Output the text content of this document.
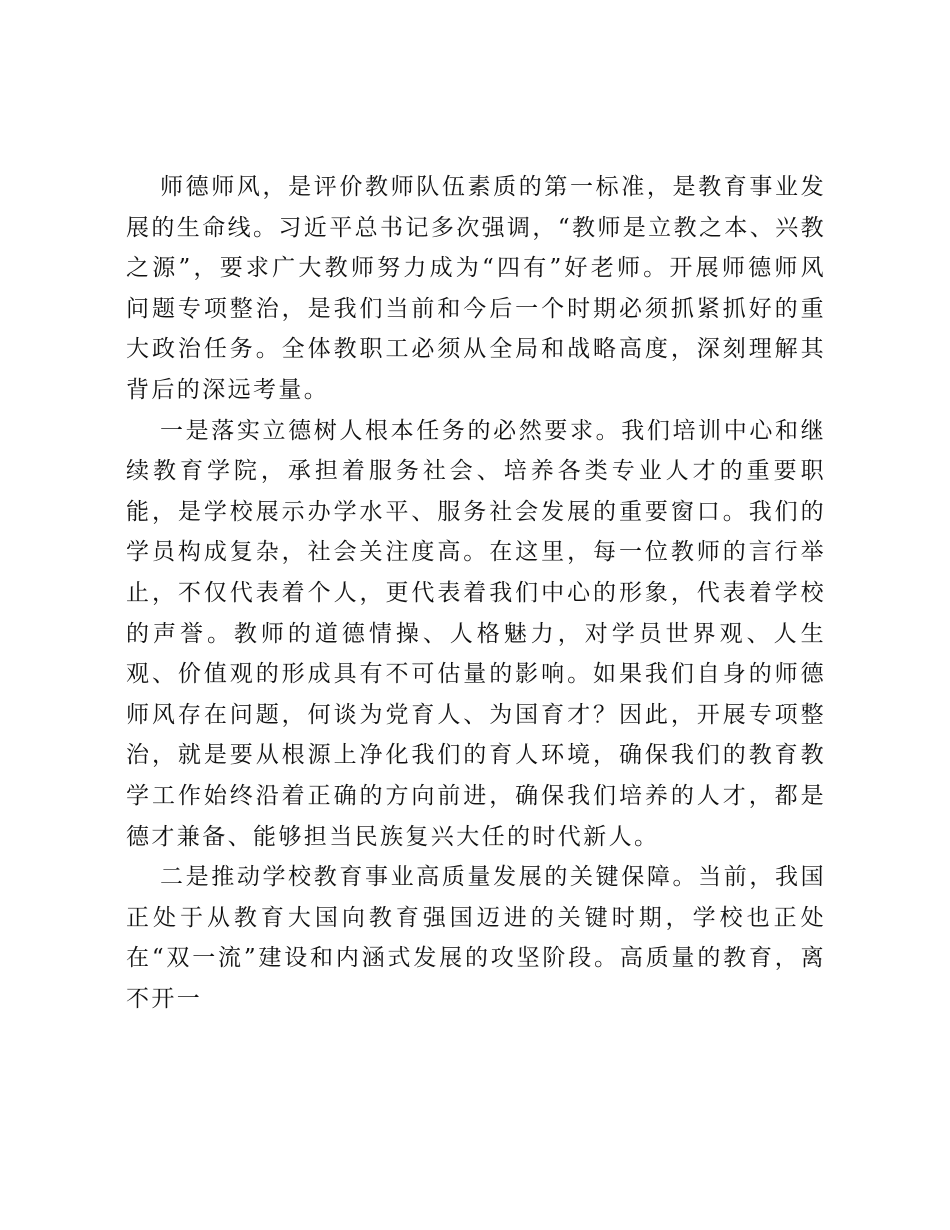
师德师风，是评价教师队伍素质的第一标准，是教育事业发展的生命线。习近平总书记多次强调，“教师是立教之本、兴教之源”，要求广大教师努力成为“四有”好老师。开展师德师风问题专项整治，是我们当前和今后一个时期必须抓紧抓好的重大政治任务。全体教职工必须从全局和战略高度，深刻理解其背后的深远考量。

一是落实立德树人根本任务的必然要求。我们培训中心和继续教育学院，承担着服务社会、培养各类专业人才的重要职能，是学校展示办学水平、服务社会发展的重要窗口。我们的学员构成复杂，社会关注度高。在这里，每一位教师的言行举止，不仅代表着个人，更代表着我们中心的形象，代表着学校的声誉。教师的道德情操、人格魅力，对学员世界观、人生观、价值观的形成具有不可估量的影响。如果我们自身的师德师风存在问题，何谈为党育人、为国育才？因此，开展专项整治，就是要从根源上净化我们的育人环境，确保我们的教育教学工作始终沿着正确的方向前进，确保我们培养的人才，都是德才兼备、能够担当民族复兴大任的时代新人。

二是推动学校教育事业高质量发展的关键保障。当前，我国正处于从教育大国向教育强国迈进的关键时期，学校也正处在“双一流”建设和内涵式发展的攻坚阶段。高质量的教育，离不开一
